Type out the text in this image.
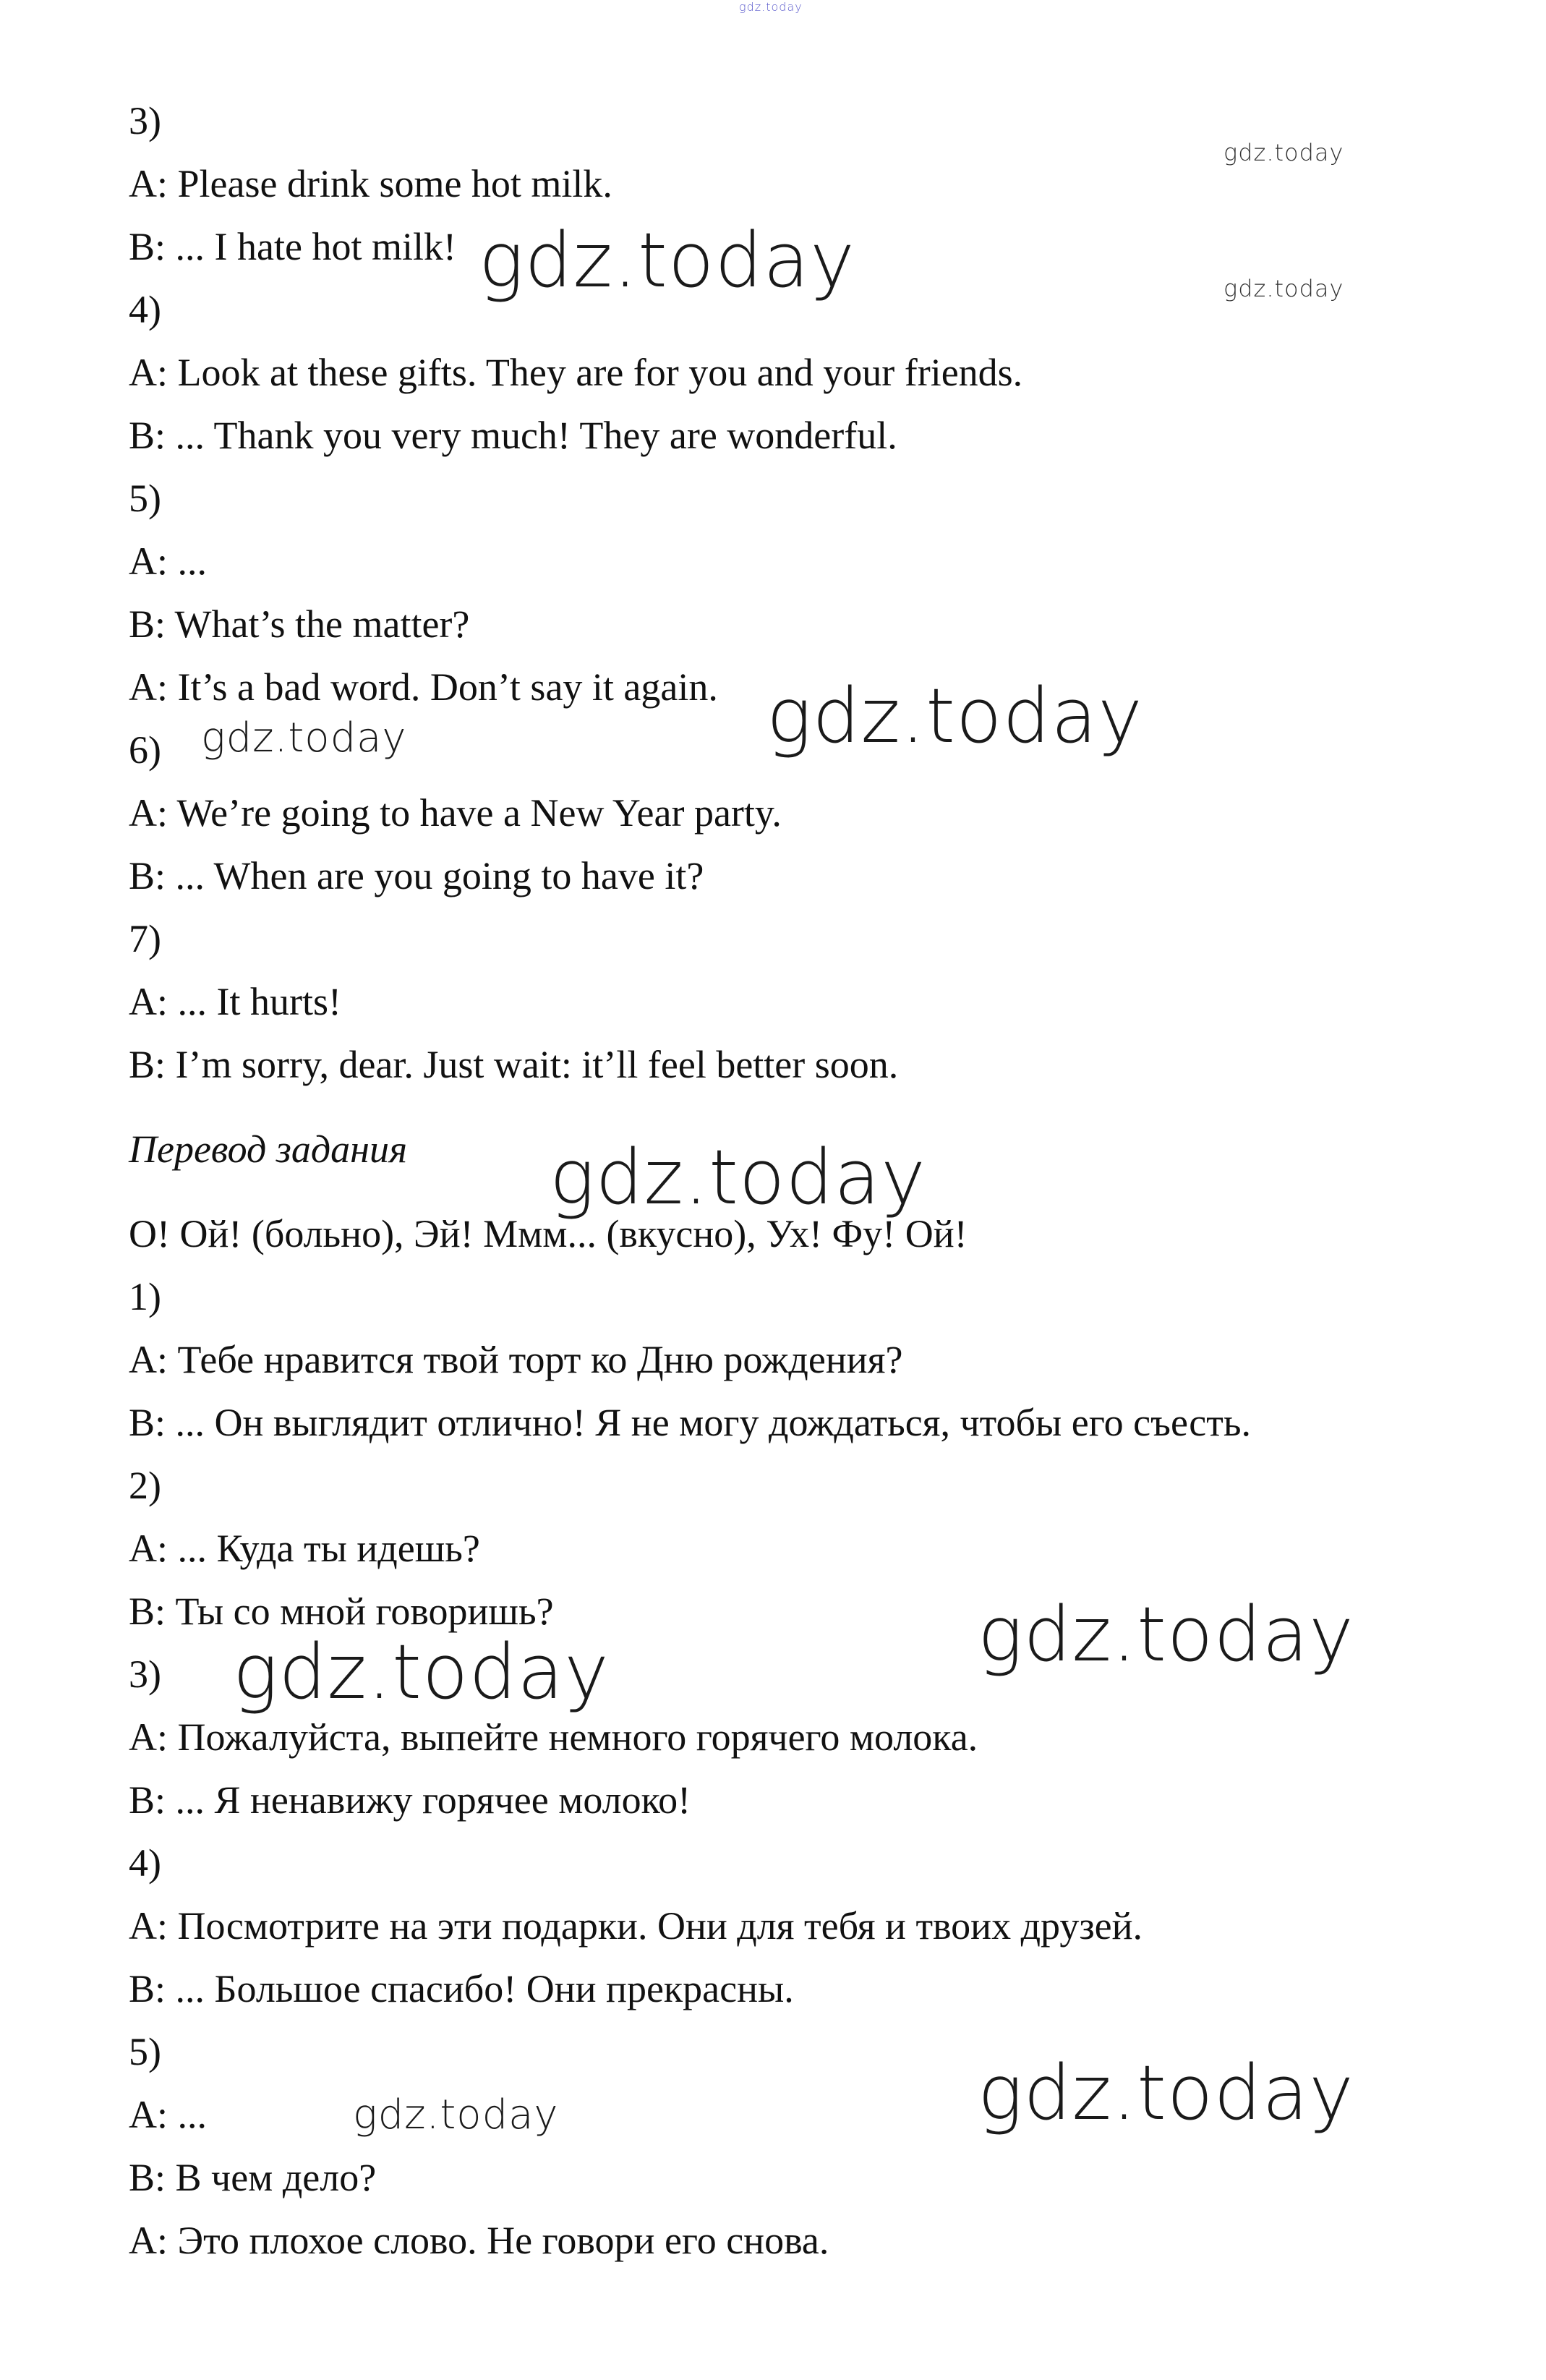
gdz.today
gdz.today
gdz.today
gdz.today
gdz.today
gdz.today
gdz.today
gdz.today
gdz.today
gdz.today
gdz.today
3)
A: Please drink some hot milk.
B: ... I hate hot milk!
4)
A: Look at these gifts. They are for you and your friends.
B: ... Thank you very much! They are wonderful.
5)
A: ...
B: What’s the matter?
A: It’s a bad word. Don’t say it again.
6)
A: We’re going to have a New Year party.
B: ... When are you going to have it?
7)
A: ... It hurts!
B: I’m sorry, dear. Just wait: it’ll feel better soon.
Перевод задания
О! Ой! (больно), Эй! Ммм... (вкусно), Ух! Фу! Ой!
1)
А: Тебе нравится твой торт ко Дню рождения?
В: ... Он выглядит отлично! Я не могу дождаться, чтобы его съесть.
2)
А: ... Куда ты идешь?
В: Ты со мной говоришь?
3)
А: Пожалуйста, выпейте немного горячего молока.
В: ... Я ненавижу горячее молоко!
4)
А: Посмотрите на эти подарки. Они для тебя и твоих друзей.
В: ... Большое спасибо! Они прекрасны.
5)
А: ...
В: В чем дело?
А: Это плохое слово. Не говори его снова.
